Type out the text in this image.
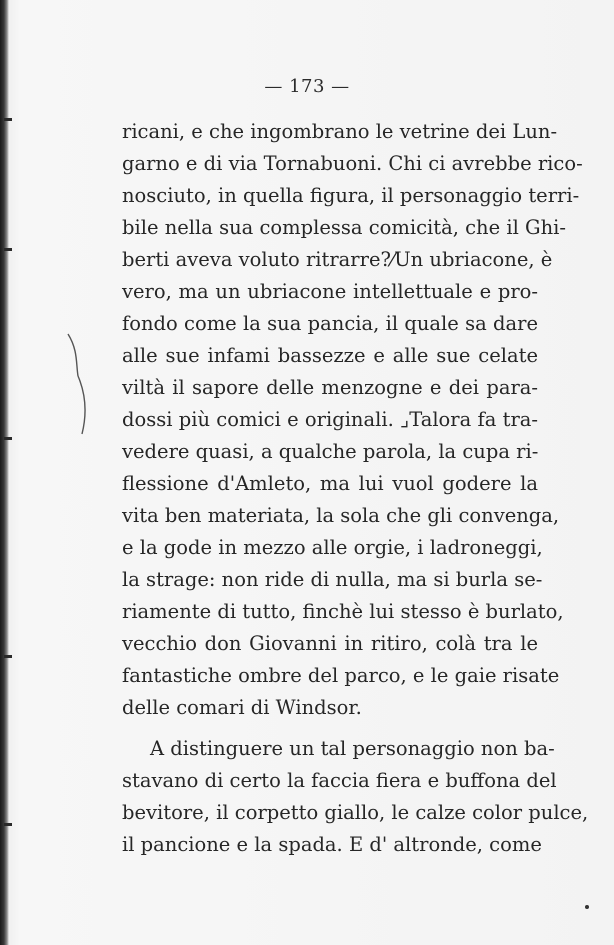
— 173 —
ricani, e che ingombrano le vetrine dei Lun-
garno e di via Tornabuoni. Chi ci avrebbe rico-
nosciuto, in quella figura, il personaggio terri-
bile nella sua complessa comicità, che il Ghi-
berti aveva voluto ritrarre?⁄Un ubriacone, è
vero, ma un ubriacone intellettuale e pro-
fondo come la sua pancia, il quale sa dare
alle sue infami bassezze e alle sue celate
viltà il sapore delle menzogne e dei para-
dossi più comici e originali. ⌟Talora fa tra-
vedere quasi, a qualche parola, la cupa ri-
flessione d'Amleto, ma lui vuol godere la
vita ben materiata, la sola che gli convenga,
e la gode in mezzo alle orgie, i ladroneggi,
la strage: non ride di nulla, ma si burla se-
riamente di tutto, finchè lui stesso è burlato,
vecchio don Giovanni in ritiro, colà tra le
fantastiche ombre del parco, e le gaie risate
delle comari di Windsor.
A distinguere un tal personaggio non ba-
stavano di certo la faccia fiera e buffona del
bevitore, il corpetto giallo, le calze color pulce,
il pancione e la spada. E d' altronde, come
